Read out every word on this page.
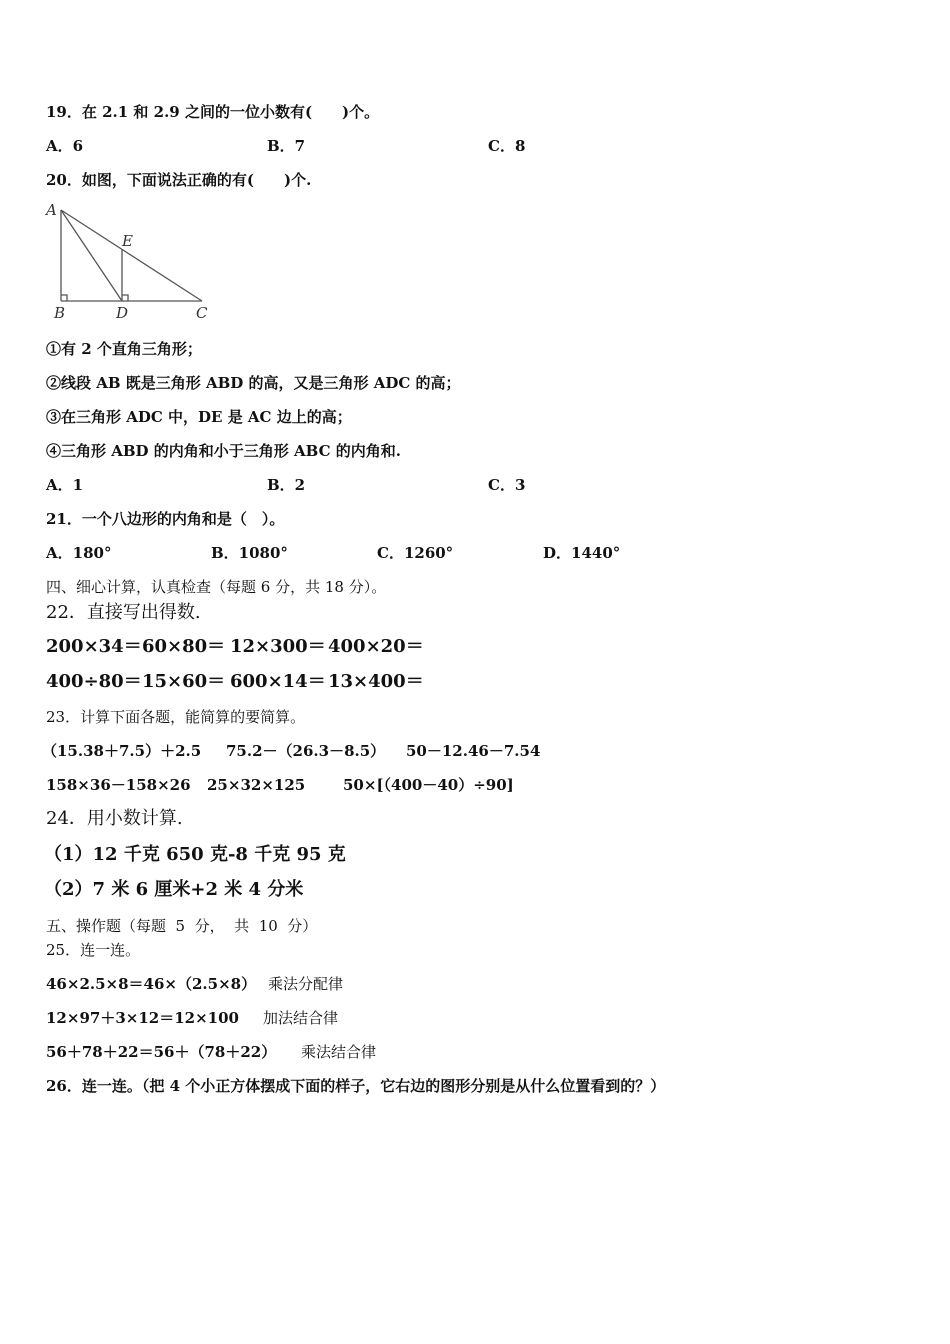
19．在 2.1 和 2.9 之间的一位小数有(　　)个。
A．6	B．7	C．8
20．如图，下面说法正确的有(　　)个.
A
E
B	D	C
①有 2 个直角三角形；
②线段 AB 既是三角形 ABD 的高，又是三角形 ADC 的高；
③在三角形 ADC 中，DE 是 AC 边上的高；
④三角形 ABD 的内角和小于三角形 ABC 的内角和.
A．1	B．2	C．3
21．一个八边形的内角和是（　）。
A．180°	B．1080°	C．1260°	D．1440°
四、细心计算，认真检查（每题 6 分，共 18 分）。
22．直接写出得数.
200×34＝ 60×80＝ 12×300＝ 400×20＝
400÷80＝ 15×60＝ 600×14＝ 13×400＝
23．计算下面各题，能简算的要简算。
（15.38＋7.5）＋2.5 75.2－（26.3－8.5） 50－12.46－7.54
158×36－158×26 25×32×125	50×[（400－40）÷90]
24．用小数计算.
（1）12 千克 650 克-8 千克 95 克
（2）7 米 6 厘米+2 米 4 分米
五、操作题（每题  5  分，  共  10  分）
25．连一连。
46×2.5×8＝46×（2.5×8） 乘法分配律
12×97＋3×12＝12×100 加法结合律
56＋78＋22＝56＋（78＋22） 乘法结合律
26．连一连。（把 4 个小正方体摆成下面的样子，它右边的图形分别是从什么位置看到的？）
